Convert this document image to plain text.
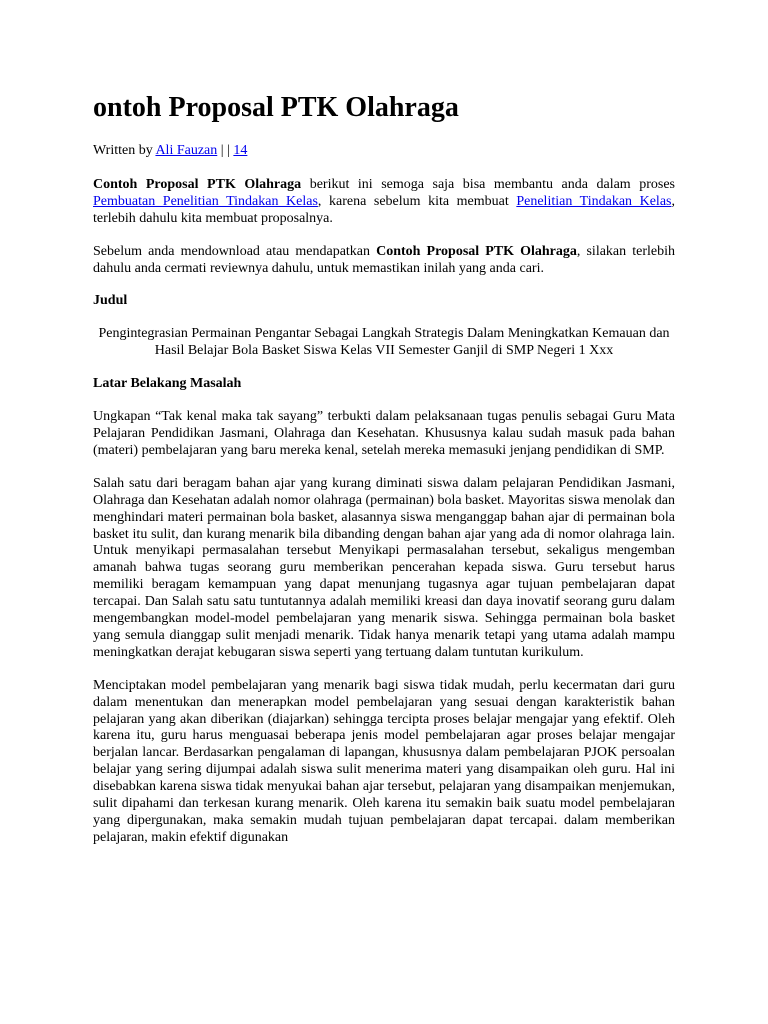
ontoh Proposal PTK Olahraga

Written by Ali Fauzan | | 14

Contoh Proposal PTK Olahraga berikut ini semoga saja bisa membantu anda dalam proses Pembuatan Penelitian Tindakan Kelas, karena sebelum kita membuat Penelitian Tindakan Kelas, terlebih dahulu kita membuat proposalnya.

Sebelum anda mendownload atau mendapatkan Contoh Proposal PTK Olahraga, silakan terlebih dahulu anda cermati reviewnya dahulu, untuk memastikan inilah yang anda cari.

Judul

Pengintegrasian Permainan Pengantar Sebagai Langkah Strategis Dalam Meningkatkan Kemauan dan Hasil Belajar Bola Basket Siswa Kelas VII Semester Ganjil di SMP Negeri 1 Xxx

Latar Belakang Masalah

Ungkapan “Tak kenal maka tak sayang” terbukti dalam pelaksanaan tugas penulis sebagai Guru Mata Pelajaran Pendidikan Jasmani, Olahraga dan Kesehatan. Khususnya kalau sudah masuk pada bahan (materi) pembelajaran yang baru mereka kenal, setelah mereka memasuki jenjang pendidikan di SMP.

Salah satu dari beragam bahan ajar yang kurang diminati siswa dalam pelajaran Pendidikan Jasmani, Olahraga dan Kesehatan adalah nomor olahraga (permainan) bola basket. Mayoritas siswa menolak dan menghindari materi permainan bola basket, alasannya siswa menganggap bahan ajar di permainan bola basket itu sulit, dan kurang menarik bila dibanding dengan bahan ajar yang ada di nomor olahraga lain. Untuk menyikapi permasalahan tersebut Menyikapi permasalahan tersebut, sekaligus mengemban amanah bahwa tugas seorang guru memberikan pencerahan kepada siswa. Guru tersebut harus memiliki beragam kemampuan yang dapat menunjang tugasnya agar tujuan pembelajaran dapat tercapai. Dan Salah satu satu tuntutannya adalah memiliki kreasi dan daya inovatif seorang guru dalam mengembangkan model-model pembelajaran yang menarik siswa. Sehingga permainan bola basket yang semula dianggap sulit menjadi menarik. Tidak hanya menarik tetapi yang utama adalah mampu meningkatkan derajat kebugaran siswa seperti yang tertuang dalam tuntutan kurikulum.

Menciptakan model pembelajaran yang menarik bagi siswa tidak mudah, perlu kecermatan dari guru dalam menentukan dan menerapkan model pembelajaran yang sesuai dengan karakteristik bahan pelajaran yang akan diberikan (diajarkan) sehingga tercipta proses belajar mengajar yang efektif. Oleh karena itu, guru harus menguasai beberapa jenis model pembelajaran agar proses belajar mengajar berjalan lancar. Berdasarkan pengalaman di lapangan, khususnya dalam pembelajaran PJOK persoalan belajar yang sering dijumpai adalah siswa sulit menerima materi yang disampaikan oleh guru. Hal ini disebabkan karena siswa tidak menyukai bahan ajar tersebut, pelajaran yang disampaikan menjemukan, sulit dipahami dan terkesan kurang menarik. Oleh karena itu semakin baik suatu model pembelajaran yang dipergunakan, maka semakin mudah tujuan pembelajaran dapat tercapai. dalam memberikan pelajaran, makin efektif digunakan
